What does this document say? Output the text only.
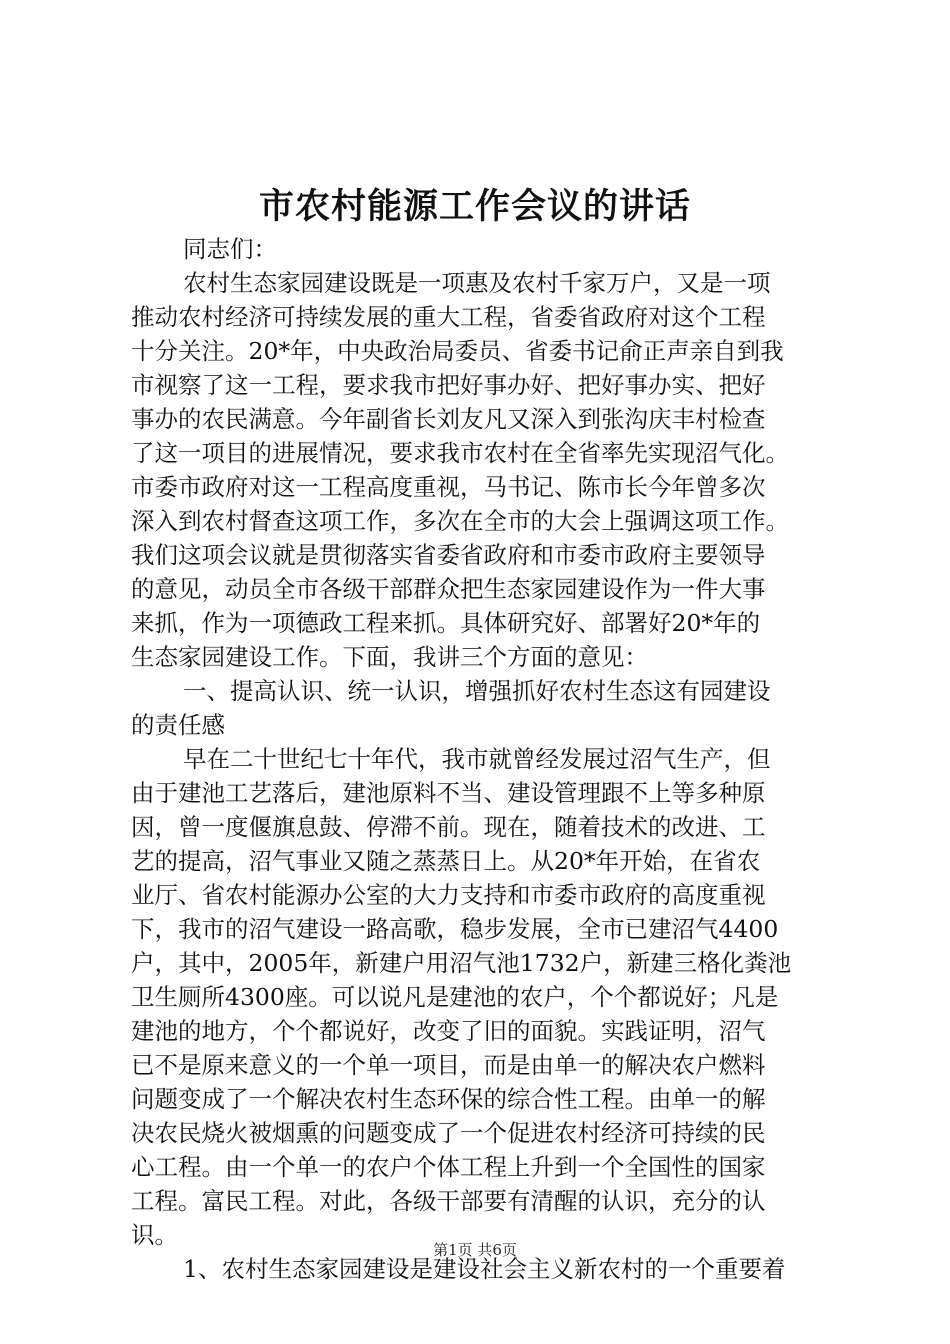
市农村能源工作会议的讲话
同志们：
农村生态家园建设既是一项惠及农村千家万户，又是一项
推动农村经济可持续发展的重大工程，省委省政府对这个工程
十分关注。20*年，中央政治局委员、省委书记俞正声亲自到我
市视察了这一工程，要求我市把好事办好、把好事办实、把好
事办的农民满意。今年副省长刘友凡又深入到张沟庆丰村检查
了这一项目的进展情况，要求我市农村在全省率先实现沼气化。
市委市政府对这一工程高度重视，马书记、陈市长今年曾多次
深入到农村督查这项工作，多次在全市的大会上强调这项工作。
我们这项会议就是贯彻落实省委省政府和市委市政府主要领导
的意见，动员全市各级干部群众把生态家园建设作为一件大事
来抓，作为一项德政工程来抓。具体研究好、部署好20*年的
生态家园建设工作。下面，我讲三个方面的意见：
一、提高认识、统一认识，增强抓好农村生态这有园建设
的责任感
早在二十世纪七十年代，我市就曾经发展过沼气生产，但
由于建池工艺落后，建池原料不当、建设管理跟不上等多种原
因，曾一度偃旗息鼓、停滞不前。现在，随着技术的改进、工
艺的提高，沼气事业又随之蒸蒸日上。从20*年开始，在省农
业厅、省农村能源办公室的大力支持和市委市政府的高度重视
下，我市的沼气建设一路高歌，稳步发展，全市已建沼气4400
户，其中，2005年，新建户用沼气池1732户，新建三格化粪池
卫生厕所4300座。可以说凡是建池的农户，个个都说好；凡是
建池的地方，个个都说好，改变了旧的面貌。实践证明，沼气
已不是原来意义的一个单一项目，而是由单一的解决农户燃料
问题变成了一个解决农村生态环保的综合性工程。由单一的解
决农民烧火被烟熏的问题变成了一个促进农村经济可持续的民
心工程。由一个单一的农户个体工程上升到一个全国性的国家
工程。富民工程。对此，各级干部要有清醒的认识，充分的认
识。
1、农村生态家园建设是建设社会主义新农村的一个重要着
第1页 共6页
